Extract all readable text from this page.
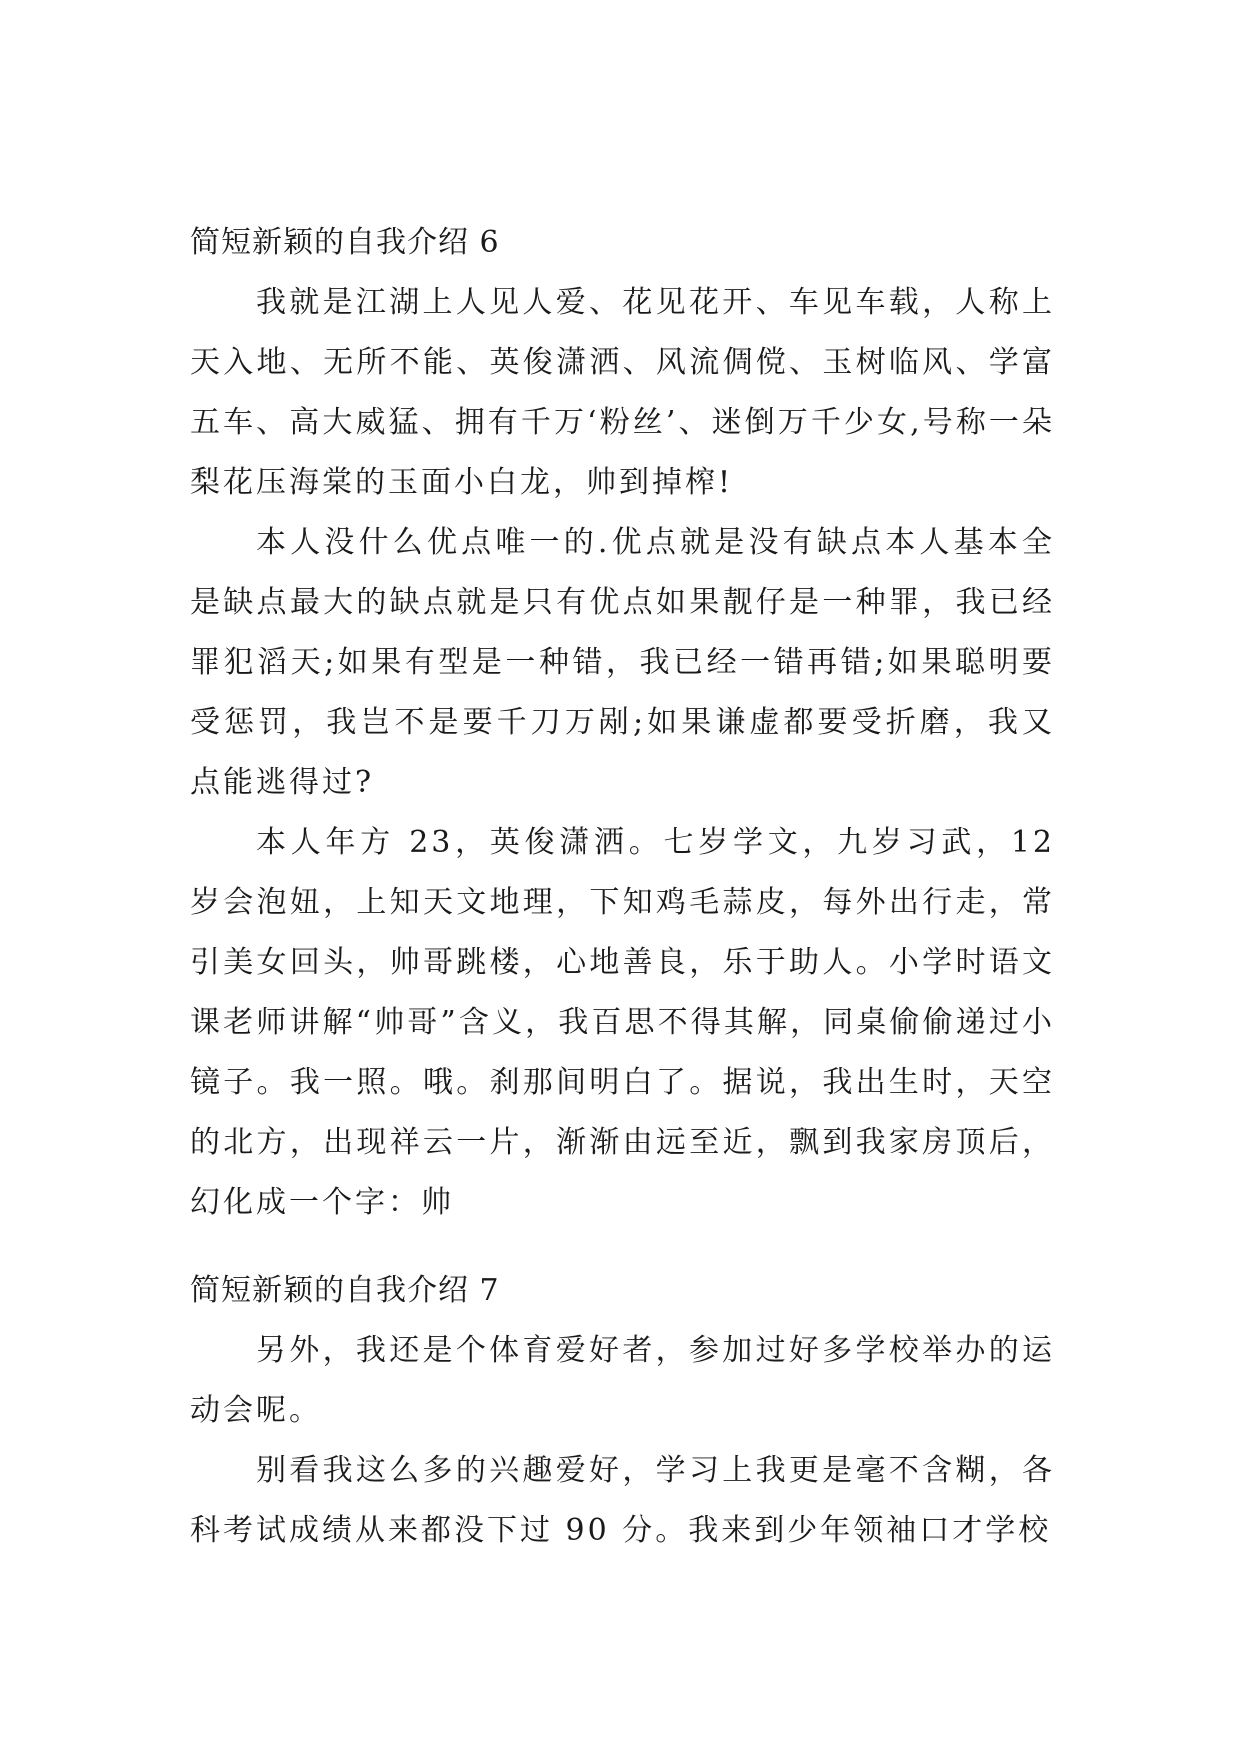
简短新颖的自我介绍 6

我就是江湖上人见人爱、花见花开、车见车载，人称上天入地、无所不能、英俊潇洒、风流倜傥、玉树临风、学富五车、高大威猛、拥有千万‘粉丝’、迷倒万千少女,号称一朵梨花压海棠的玉面小白龙，帅到掉榨!

本人没什么优点唯一的.优点就是没有缺点本人基本全是缺点最大的缺点就是只有优点如果靓仔是一种罪，我已经罪犯滔天;如果有型是一种错，我已经一错再错;如果聪明要受惩罚，我岂不是要千刀万剐;如果谦虚都要受折磨，我又点能逃得过?

本人年方 23，英俊潇洒。七岁学文，九岁习武，12 岁会泡妞，上知天文地理，下知鸡毛蒜皮，每外出行走，常引美女回头，帅哥跳楼，心地善良，乐于助人。小学时语文课老师讲解“帅哥”含义，我百思不得其解，同桌偷偷递过小镜子。我一照。哦。刹那间明白了。据说，我出生时，天空的北方，出现祥云一片，渐渐由远至近，飘到我家房顶后，幻化成一个字：帅

简短新颖的自我介绍 7

另外，我还是个体育爱好者，参加过好多学校举办的运动会呢。

别看我这么多的兴趣爱好，学习上我更是毫不含糊，各科考试成绩从来都没下过 90 分。我来到少年领袖口才学校
